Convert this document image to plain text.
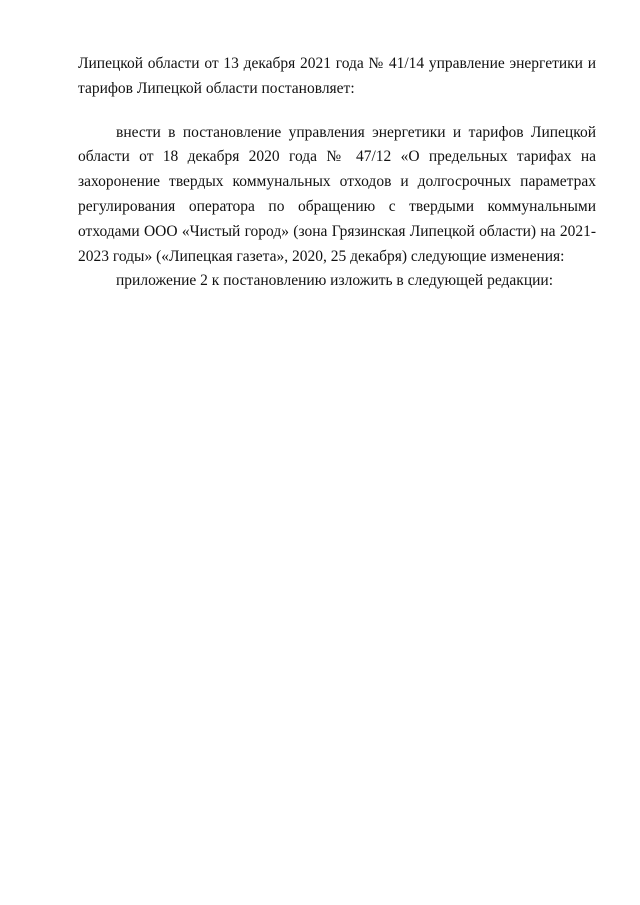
Липецкой области от 13 декабря 2021 года № 41/14 управление энергетики и тарифов Липецкой области постановляет:

внести в постановление управления энергетики и тарифов Липецкой области от 18 декабря 2020 года № 47/12 «О предельных тарифах на захоронение твердых коммунальных отходов и долгосрочных параметрах регулирования оператора по обращению с твердыми коммунальными отходами ООО «Чистый город» (зона Грязинская Липецкой области) на 2021-2023 годы» («Липецкая газета», 2020, 25 декабря) следующие изменения:

приложение 2 к постановлению изложить в следующей редакции:
